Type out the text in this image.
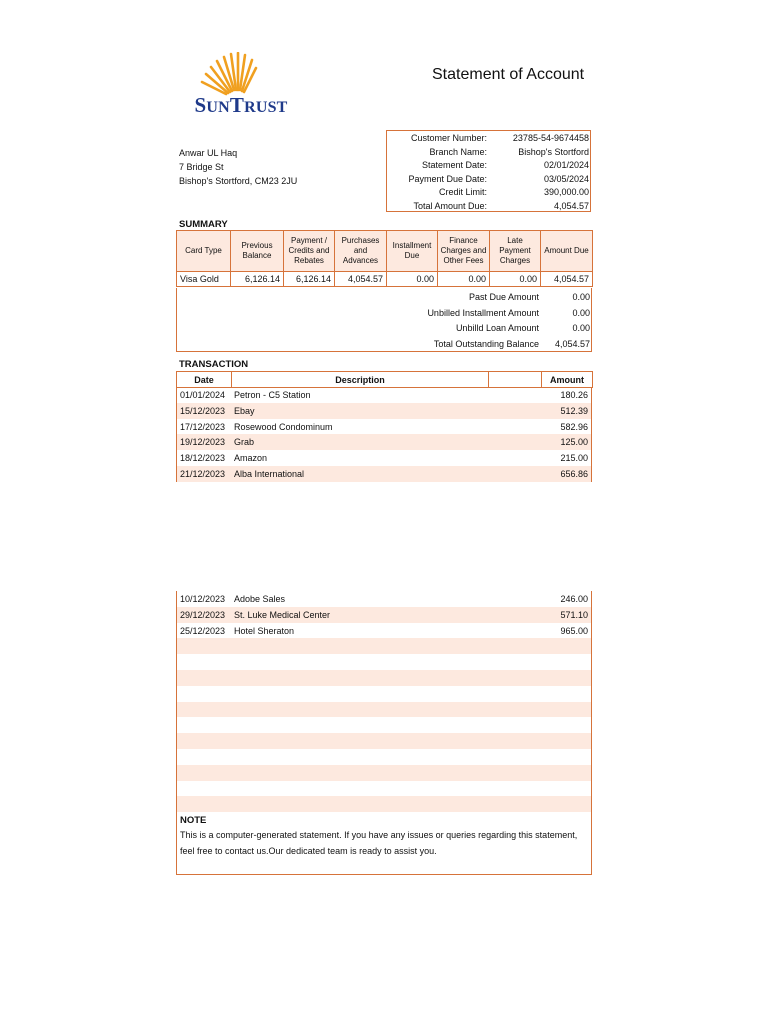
SUNTRUST
Statement of Account
Anwar UL Haq
7 Bridge St
Bishop's Stortford, CM23 2JU
Customer Number:	23785-54-9674458
Branch Name:	Bishop's Stortford
Statement Date:	02/01/2024
Payment Due Date:	03/05/2024
Credit Limit:	390,000.00
Total Amount Due:	4,054.57
SUMMARY
Card Type	Previous Balance	Payment / Credits and Rebates	Purchases and Advances	Installment Due	Finance Charges and Other Fees	Late Payment Charges	Amount Due
Visa Gold	6,126.14	6,126.14	4,054.57	0.00	0.00	0.00	4,054.57
Past Due Amount	0.00
Unbilled Installment Amount	0.00
Unbilld Loan Amount	0.00
Total Outstanding Balance 4,054.57
TRANSACTION
Date	Description		Amount
01/01/2024 Petron - C5 Station	180.26
15/12/2023 Ebay	512.39
17/12/2023 Rosewood Condominum	582.96
19/12/2023 Grab	125.00
18/12/2023 Amazon	215.00
21/12/2023 Alba International	656.86
10/12/2023 Adobe Sales	246.00
29/12/2023 St. Luke Medical Center	571.10
25/12/2023 Hotel Sheraton	965.00
NOTE
This is a computer-generated statement. If you have any issues or queries regarding this statement, feel free to contact us.Our dedicated team is ready to assist you.
